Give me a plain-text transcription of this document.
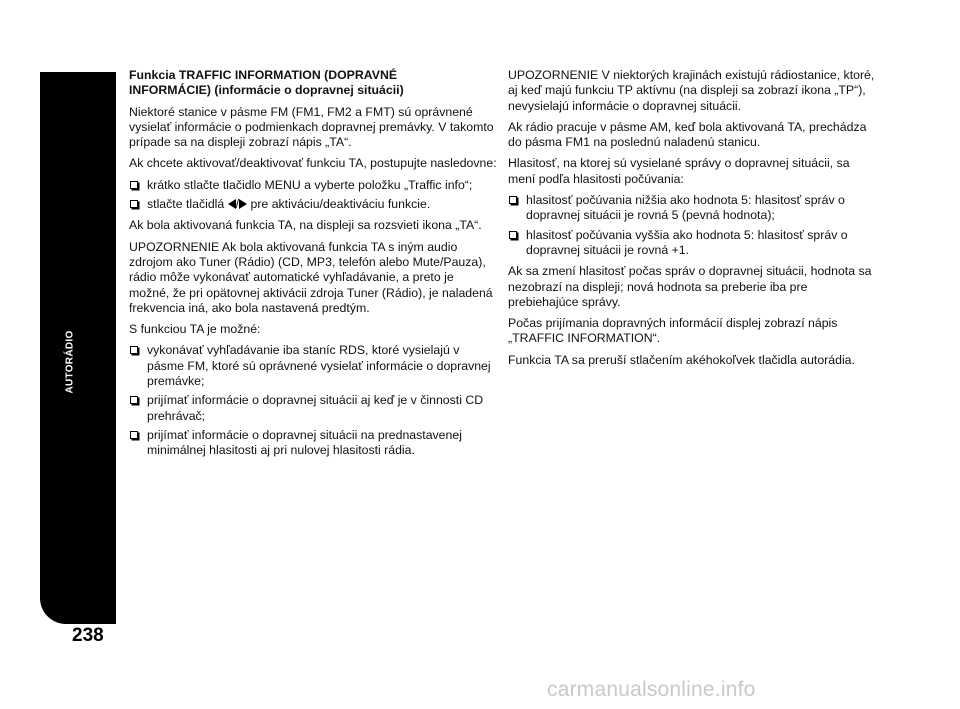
AUTORÁDIO
238
Funkcia TRAFFIC INFORMATION (DOPRAVNÉ
INFORMÁCIE) (informácie o dopravnej situácii)

Niektoré stanice v pásme FM (FM1, FM2 a FMT) sú oprávnené vysielať informácie o podmienkach dopravnej premávky. V takomto prípade sa na displeji zobrazí nápis „TA“.

Ak chcete aktivovať/deaktivovať funkciu TA, postupujte nasledovne:

krátko stlačte tlačidlo MENU a vyberte položku „Traffic info“;
stlačte tlačidlá / pre aktiváciu/deaktiváciu funkcie.

Ak bola aktivovaná funkcia TA, na displeji sa rozsvieti ikona „TA“.

UPOZORNENIE Ak bola aktivovaná funkcia TA s iným audio zdrojom ako Tuner (Rádio) (CD, MP3, telefón alebo Mute/Pauza), rádio môže vykonávať automatické vyhľadávanie, a preto je možné, že pri opätovnej aktivácii zdroja Tuner (Rádio), je naladená frekvencia iná, ako bola nastavená predtým.

S funkciou TA je možné:

vykonávať vyhľadávanie iba staníc RDS, ktoré vysielajú v pásme FM, ktoré sú oprávnené vysielať informácie o dopravnej premávke;
prijímať informácie o dopravnej situácii aj keď je v činnosti CD prehrávač;
prijímať informácie o dopravnej situácii na prednastavenej minimálnej hlasitosti aj pri nulovej hlasitosti rádia.

UPOZORNENIE V niektorých krajinách existujú rádiostanice, ktoré, aj keď majú funkciu TP aktívnu (na displeji sa zobrazí ikona „TP“), nevysielajú informácie o dopravnej situácii.

Ak rádio pracuje v pásme AM, keď bola aktivovaná TA, prechádza do pásma FM1 na poslednú naladenú stanicu.

Hlasitosť, na ktorej sú vysielané správy o dopravnej situácii, sa mení podľa hlasitosti počúvania:

hlasitosť počúvania nižšia ako hodnota 5: hlasitosť správ o dopravnej situácii je rovná 5 (pevná hodnota);
hlasitosť počúvania vyššia ako hodnota 5: hlasitosť správ o dopravnej situácii je rovná +1.

Ak sa zmení hlasitosť počas správ o dopravnej situácii, hodnota sa nezobrazí na displeji; nová hodnota sa preberie iba pre prebiehajúce správy.

Počas prijímania dopravných informácií displej zobrazí nápis „TRAFFIC INFORMATION“.

Funkcia TA sa preruší stlačením akéhokoľvek tlačidla autorádia.

carmanualsonline.info
